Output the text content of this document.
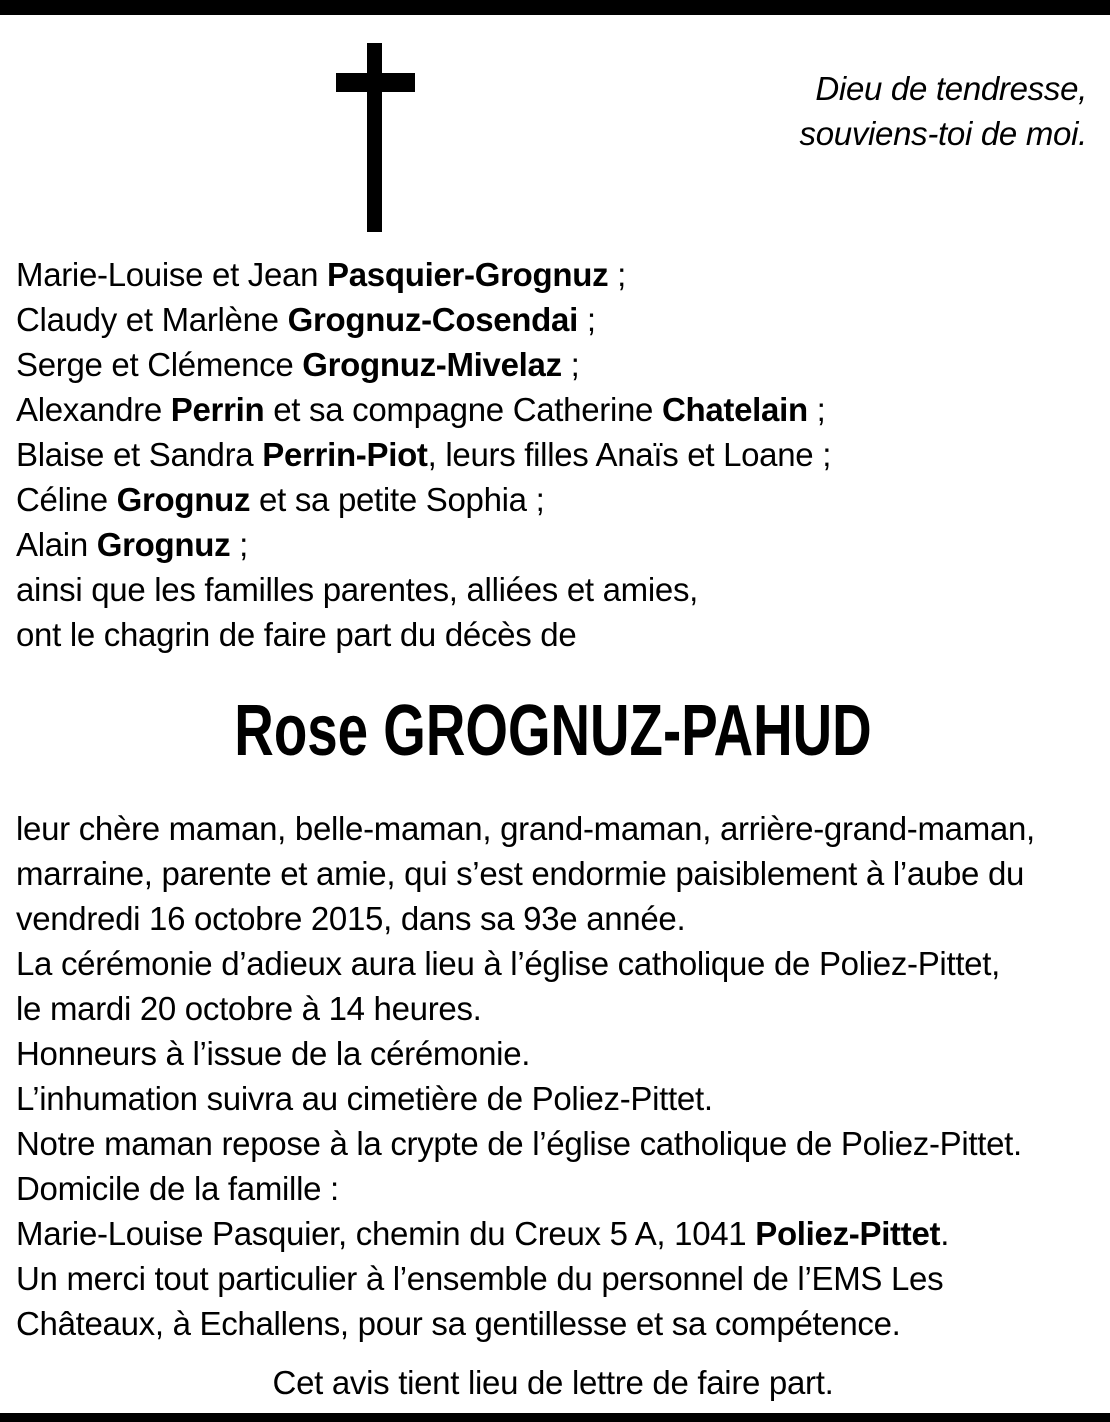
Dieu de tendresse,
souviens-toi de moi.
Marie-Louise et Jean Pasquier-Grognuz ;
Claudy et Marlène Grognuz-Cosendai ;
Serge et Clémence Grognuz-Mivelaz ;
Alexandre Perrin et sa compagne Catherine Chatelain ;
Blaise et Sandra Perrin-Piot, leurs filles Anaïs et Loane ;
Céline Grognuz et sa petite Sophia ;
Alain Grognuz ;
ainsi que les familles parentes, alliées et amies,
ont le chagrin de faire part du décès de
Rose GROGNUZ-PAHUD
leur chère maman, belle-maman, grand-maman, arrière-grand-maman,
marraine, parente et amie, qui s’est endormie paisiblement à l’aube du
vendredi 16 octobre 2015, dans sa 93e année.
La cérémonie d’adieux aura lieu à l’église catholique de Poliez-Pittet,
le mardi 20 octobre à 14 heures.
Honneurs à l’issue de la cérémonie.
L’inhumation suivra au cimetière de Poliez-Pittet.
Notre maman repose à la crypte de l’église catholique de Poliez-Pittet.
Domicile de la famille :
Marie-Louise Pasquier, chemin du Creux 5 A, 1041 Poliez-Pittet.
Un merci tout particulier à l’ensemble du personnel de l’EMS Les
Châteaux, à Echallens, pour sa gentillesse et sa compétence.
Cet avis tient lieu de lettre de faire part.
